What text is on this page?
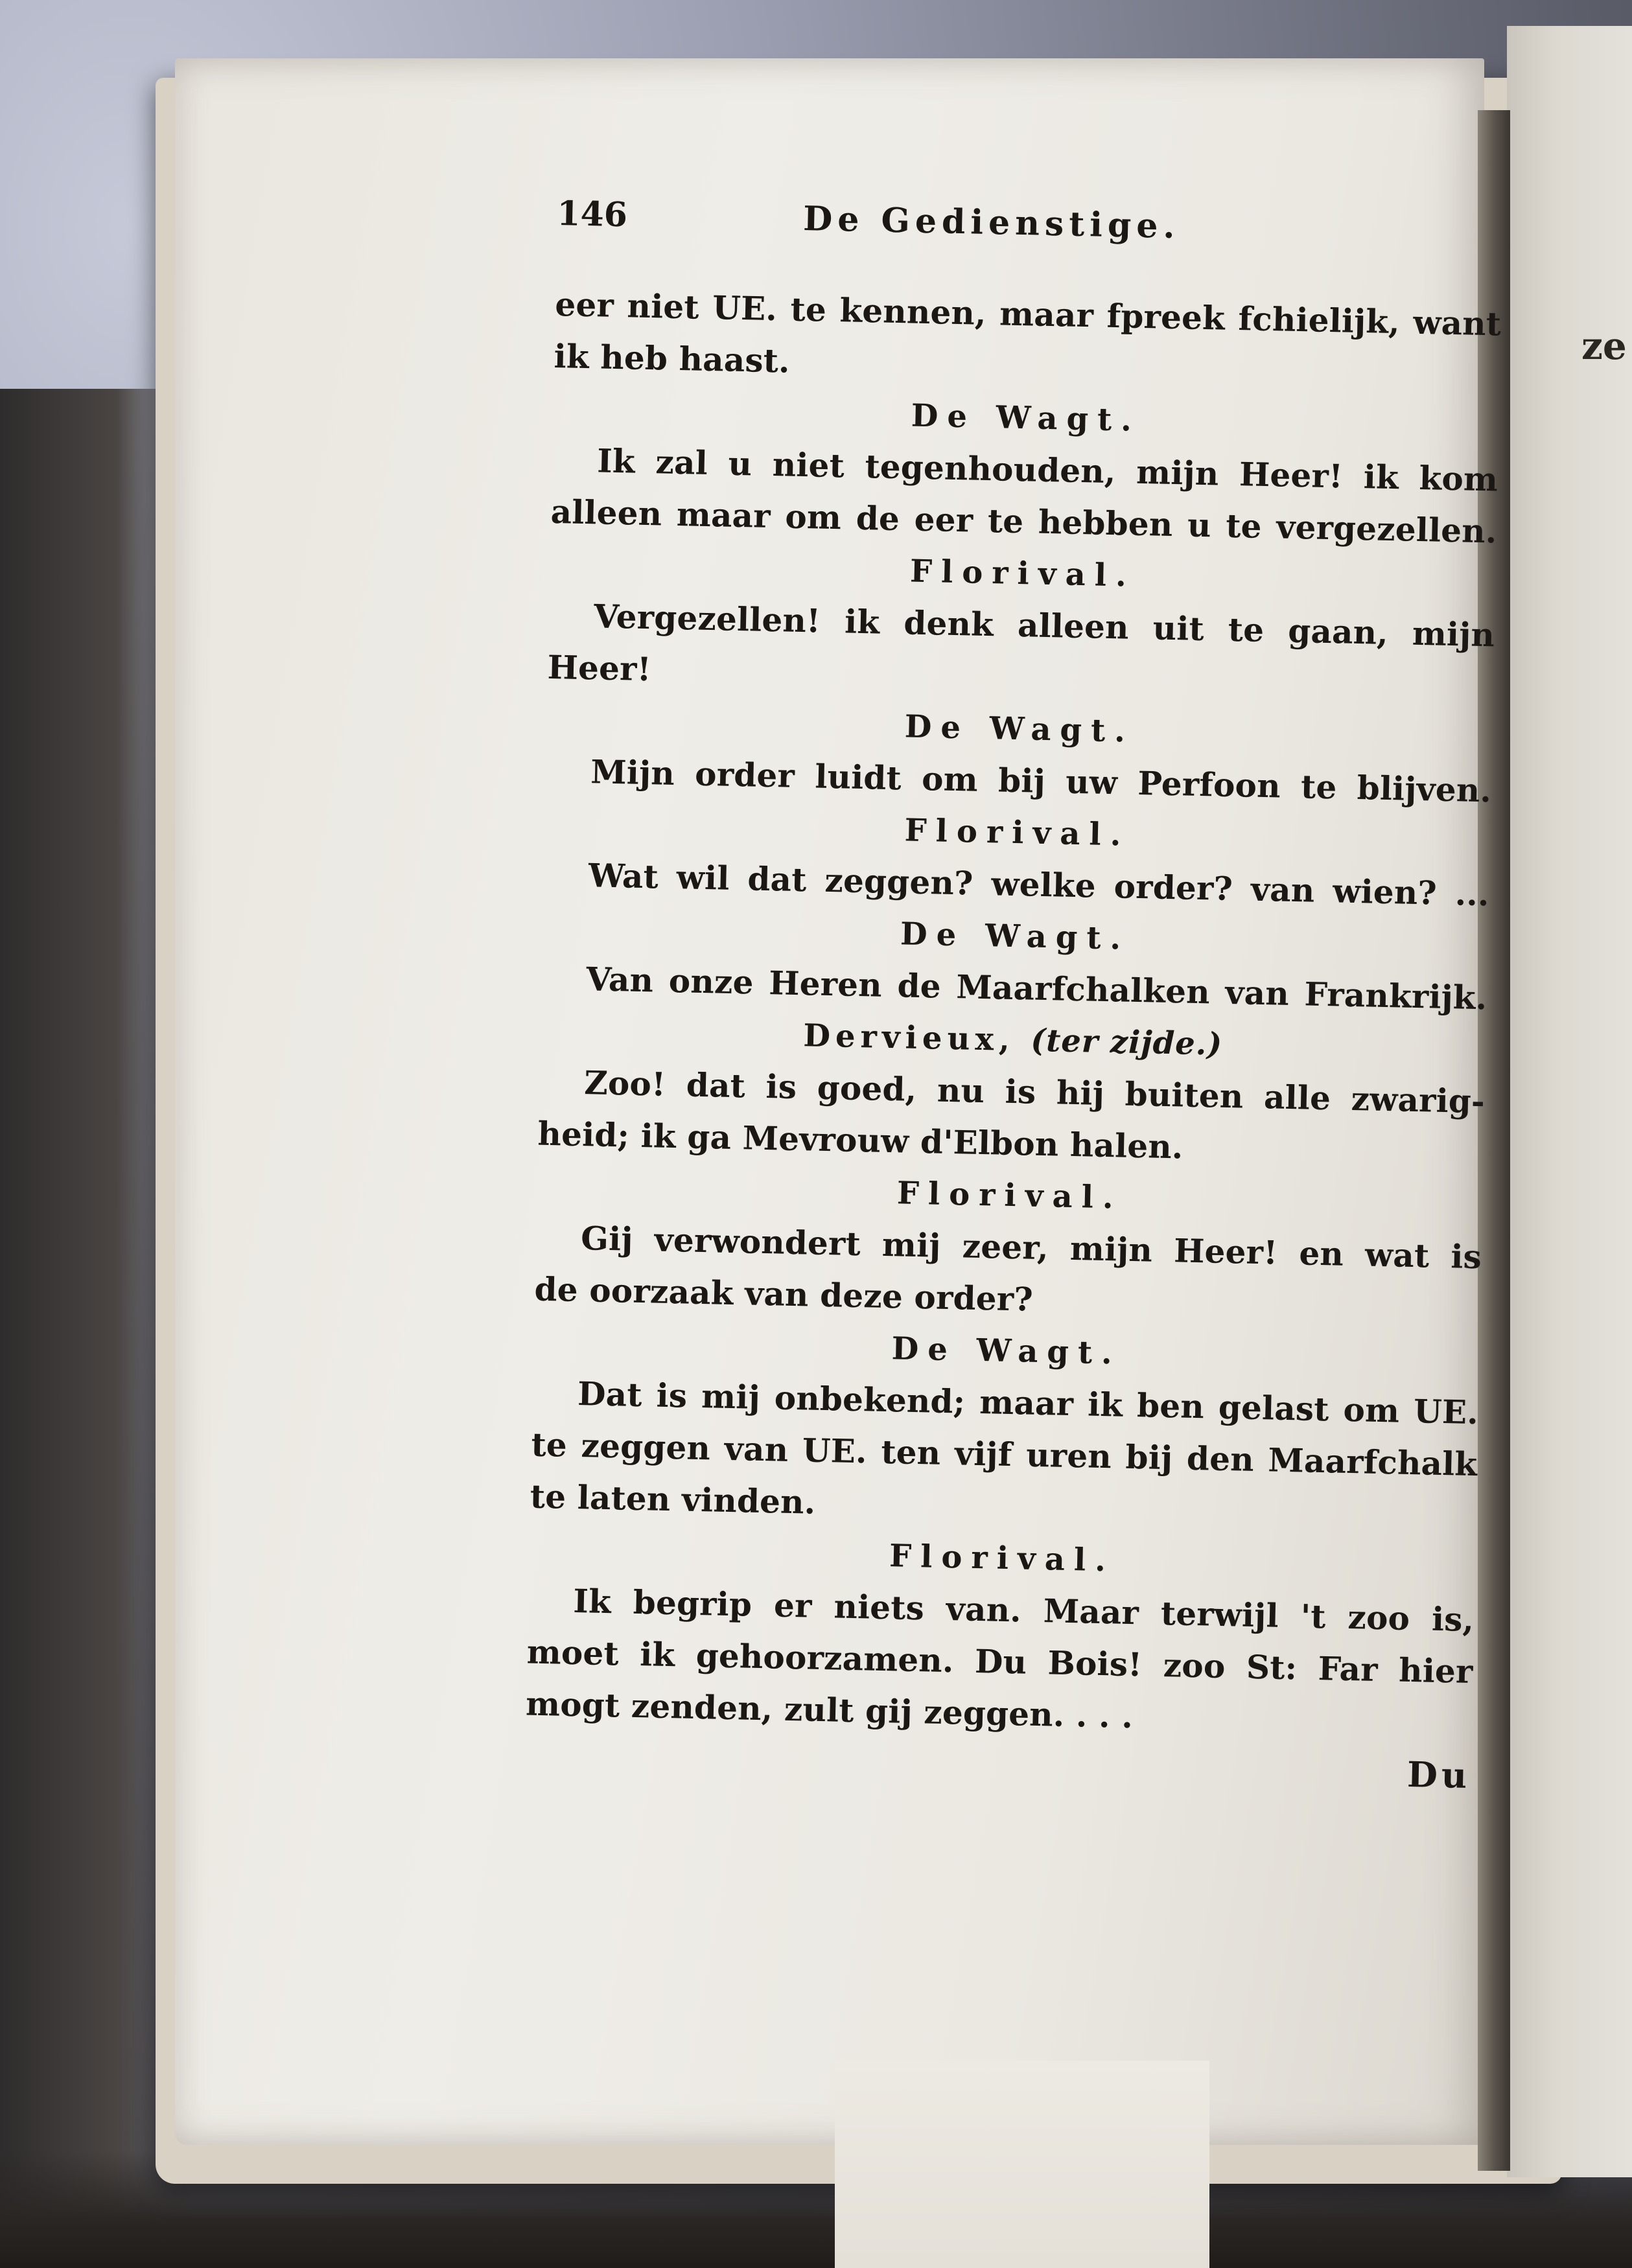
ze
146	De Gedienstige.
eer niet UE. te kennen, maar fpreek fchielijk, want
ik heb haast.
De Wagt.
Ik zal u niet tegenhouden, mijn Heer! ik kom
alleen maar om de eer te hebben u te vergezellen.
Florival.
Vergezellen! ik denk alleen uit te gaan, mijn
Heer!
De Wagt.
Mijn order luidt om bij uw Perfoon te blijven.
Florival.
Wat wil dat zeggen? welke order? van wien? ...
De Wagt.
Van onze Heren de Maarfchalken van Frankrijk.
Dervieux, (ter zijde.)
Zoo! dat is goed, nu is hij buiten alle zwarig-
heid; ik ga Mevrouw d'Elbon halen.
Florival.
Gij verwondert mij zeer, mijn Heer! en wat is
de oorzaak van deze order?
De Wagt.
Dat is mij onbekend; maar ik ben gelast om UE.
te zeggen van UE. ten vijf uren bij den Maarfchalk
te laten vinden.
Florival.
Ik begrip er niets van. Maar terwijl 't zoo is,
moet ik gehoorzamen. Du Bois! zoo St: Far hier
mogt zenden, zult gij zeggen. . . .
Du
